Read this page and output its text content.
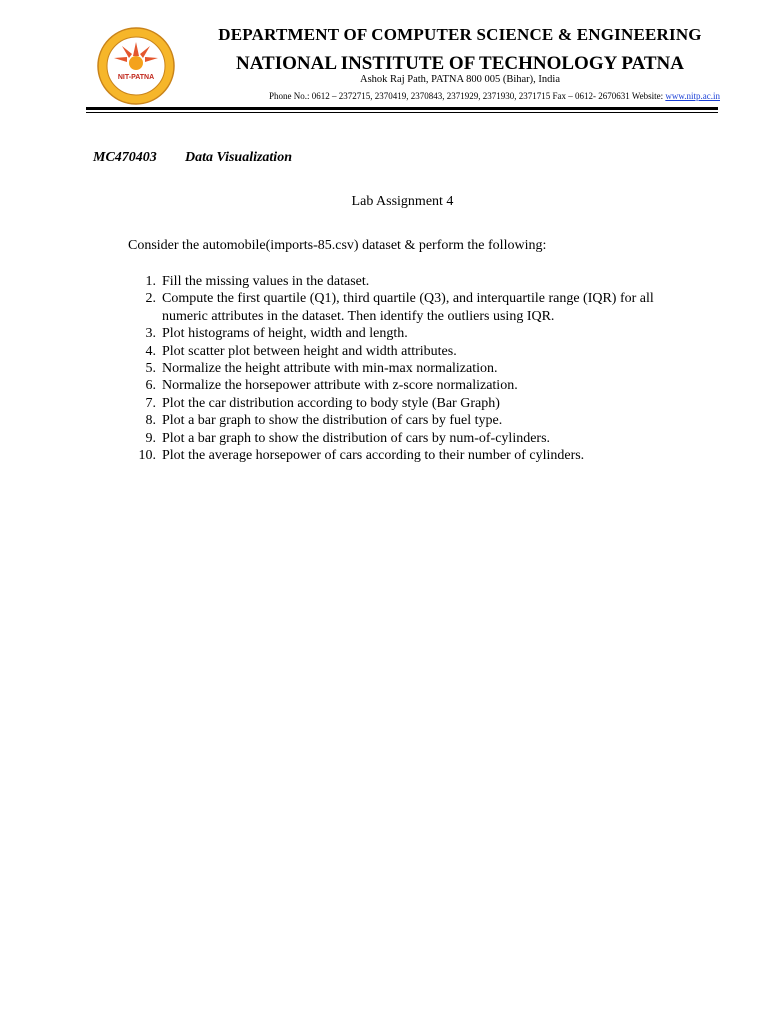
NIT-PATNA
DEPARTMENT OF COMPUTER SCIENCE & ENGINEERING
NATIONAL INSTITUTE OF TECHNOLOGY PATNA
Ashok Raj Path, PATNA 800 005 (Bihar), India
Phone No.: 0612 – 2372715, 2370419, 2370843, 2371929, 2371930, 2371715 Fax – 0612- 2670631 Website: www.nitp.ac.in
MC470403 Data Visualization
Lab Assignment 4
Consider the automobile(imports-85.csv) dataset & perform the following:
1. Fill the missing values in the dataset.
2. Compute the first quartile (Q1), third quartile (Q3), and interquartile range (IQR) for all numeric attributes in the dataset. Then identify the outliers using IQR.
3. Plot histograms of height, width and length.
4. Plot scatter plot between height and width attributes.
5. Normalize the height attribute with min-max normalization.
6. Normalize the horsepower attribute with z-score normalization.
7. Plot the car distribution according to body style (Bar Graph)
8. Plot a bar graph to show the distribution of cars by fuel type.
9. Plot a bar graph to show the distribution of cars by num-of-cylinders.
10. Plot the average horsepower of cars according to their number of cylinders.
